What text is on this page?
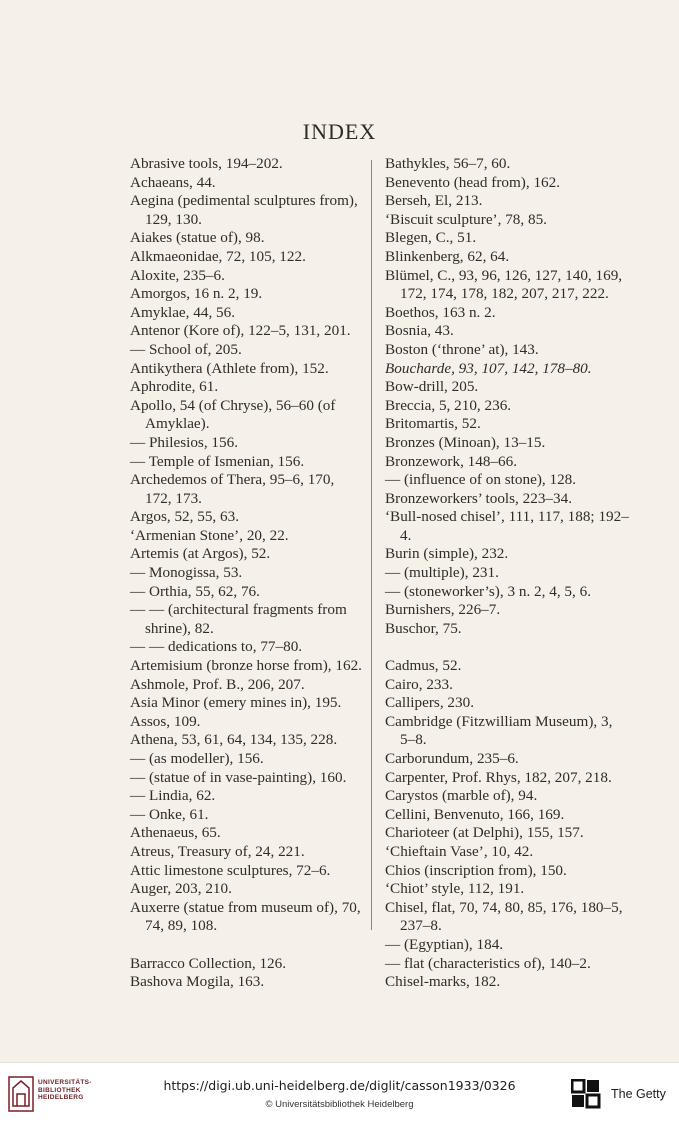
INDEX
Abrasive tools, 194–202.
Achaeans, 44.
Aegina (pedimental sculptures from), 129, 130.
Aiakes (statue of), 98.
Alkmaeonidae, 72, 105, 122.
Aloxite, 235–6.
Amorgos, 16 n. 2, 19.
Amyklae, 44, 56.
Antenor (Kore of), 122–5, 131, 201.
— School of, 205.
Antikythera (Athlete from), 152.
Aphrodite, 61.
Apollo, 54 (of Chryse), 56–60 (of Amyklae).
— Philesios, 156.
— Temple of Ismenian, 156.
Archedemos of Thera, 95–6, 170, 172, 173.
Argos, 52, 55, 63.
‘Armenian Stone’, 20, 22.
Artemis (at Argos), 52.
— Monogissa, 53.
— Orthia, 55, 62, 76.
— — (architectural fragments from shrine), 82.
— — dedications to, 77–80.
Artemisium (bronze horse from), 162.
Ashmole, Prof. B., 206, 207.
Asia Minor (emery mines in), 195.
Assos, 109.
Athena, 53, 61, 64, 134, 135, 228.
— (as modeller), 156.
— (statue of in vase-painting), 160.
— Lindia, 62.
— Onke, 61.
Athenaeus, 65.
Atreus, Treasury of, 24, 221.
Attic limestone sculptures, 72–6.
Auger, 203, 210.
Auxerre (statue from museum of), 70, 74, 89, 108.
Barracco Collection, 126.
Bashova Mogila, 163.
Bathykles, 56–7, 60.
Benevento (head from), 162.
Berseh, El, 213.
‘Biscuit sculpture’, 78, 85.
Blegen, C., 51.
Blinkenberg, 62, 64.
Blümel, C., 93, 96, 126, 127, 140, 169, 172, 174, 178, 182, 207, 217, 222.
Boethos, 163 n. 2.
Bosnia, 43.
Boston (‘throne’ at), 143.
Boucharde, 93, 107, 142, 178–80.
Bow-drill, 205.
Breccia, 5, 210, 236.
Britomartis, 52.
Bronzes (Minoan), 13–15.
Bronzework, 148–66.
— (influence of on stone), 128.
Bronzeworkers’ tools, 223–34.
‘Bull-nosed chisel’, 111, 117, 188; 192–4.
Burin (simple), 232.
— (multiple), 231.
— (stoneworker’s), 3 n. 2, 4, 5, 6.
Burnishers, 226–7.
Buschor, 75.
Cadmus, 52.
Cairo, 233.
Callipers, 230.
Cambridge (Fitzwilliam Museum), 3, 5–8.
Carborundum, 235–6.
Carpenter, Prof. Rhys, 182, 207, 218.
Carystos (marble of), 94.
Cellini, Benvenuto, 166, 169.
Charioteer (at Delphi), 155, 157.
‘Chieftain Vase’, 10, 42.
Chios (inscription from), 150.
‘Chiot’ style, 112, 191.
Chisel, flat, 70, 74, 80, 85, 176, 180–5, 237–8.
— (Egyptian), 184.
— flat (characteristics of), 140–2.
Chisel-marks, 182.
UNIVERSITÄTS-
BIBLIOTHEK
HEIDELBERG
https://digi.ub.uni-heidelberg.de/diglit/casson1933/0326
© Universitätsbibliothek Heidelberg
The Getty
